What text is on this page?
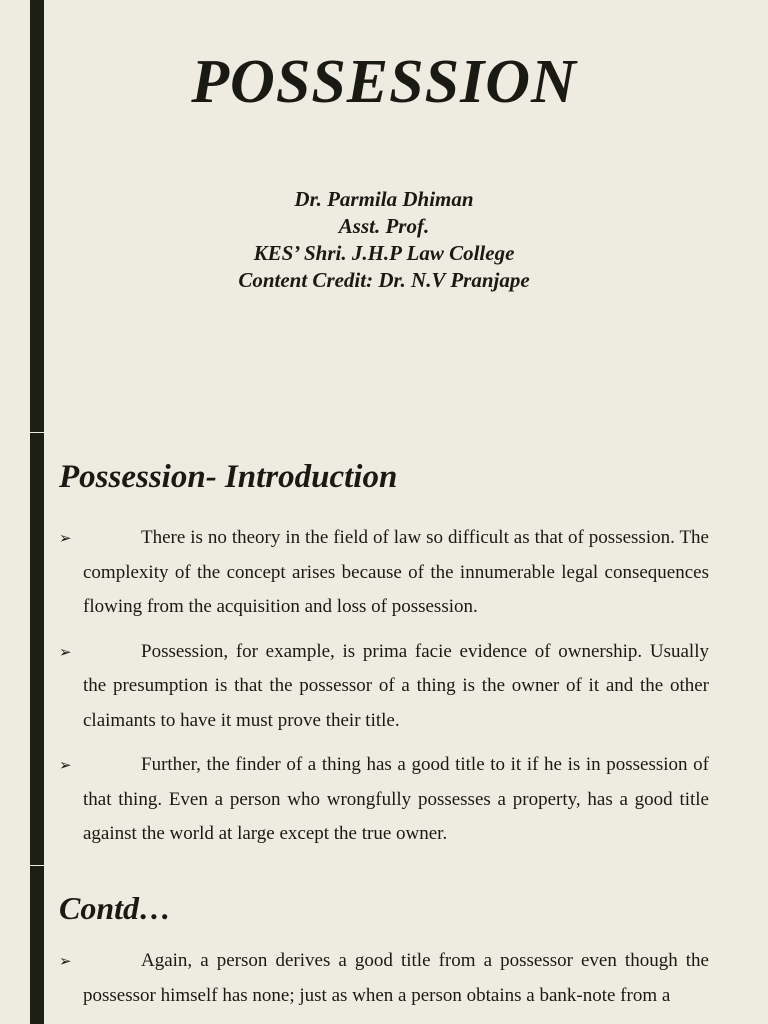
POSSESSION
Dr. Parmila Dhiman
Asst. Prof.
KES’ Shri. J.H.P Law College
Content Credit: Dr. N.V Pranjape
Possession- Introduction
➢	There is no theory in the field of law so difficult as that of possession. The complexity of the concept arises because of the innumerable legal consequences flowing from the acquisition and loss of possession.

➢	Possession, for example, is prima facie evidence of ownership. Usually the presumption is that the possessor of a thing is the owner of it and the other claimants to have it must prove their title.

➢	Further, the finder of a thing has a good title to it if he is in possession of that thing. Even a person who wrongfully possesses a property, has a good title against the world at large except the true owner.

Contd…
➢	Again, a person derives a good title from a possessor even though the possessor himself has none; just as when a person obtains a bank-note from a
